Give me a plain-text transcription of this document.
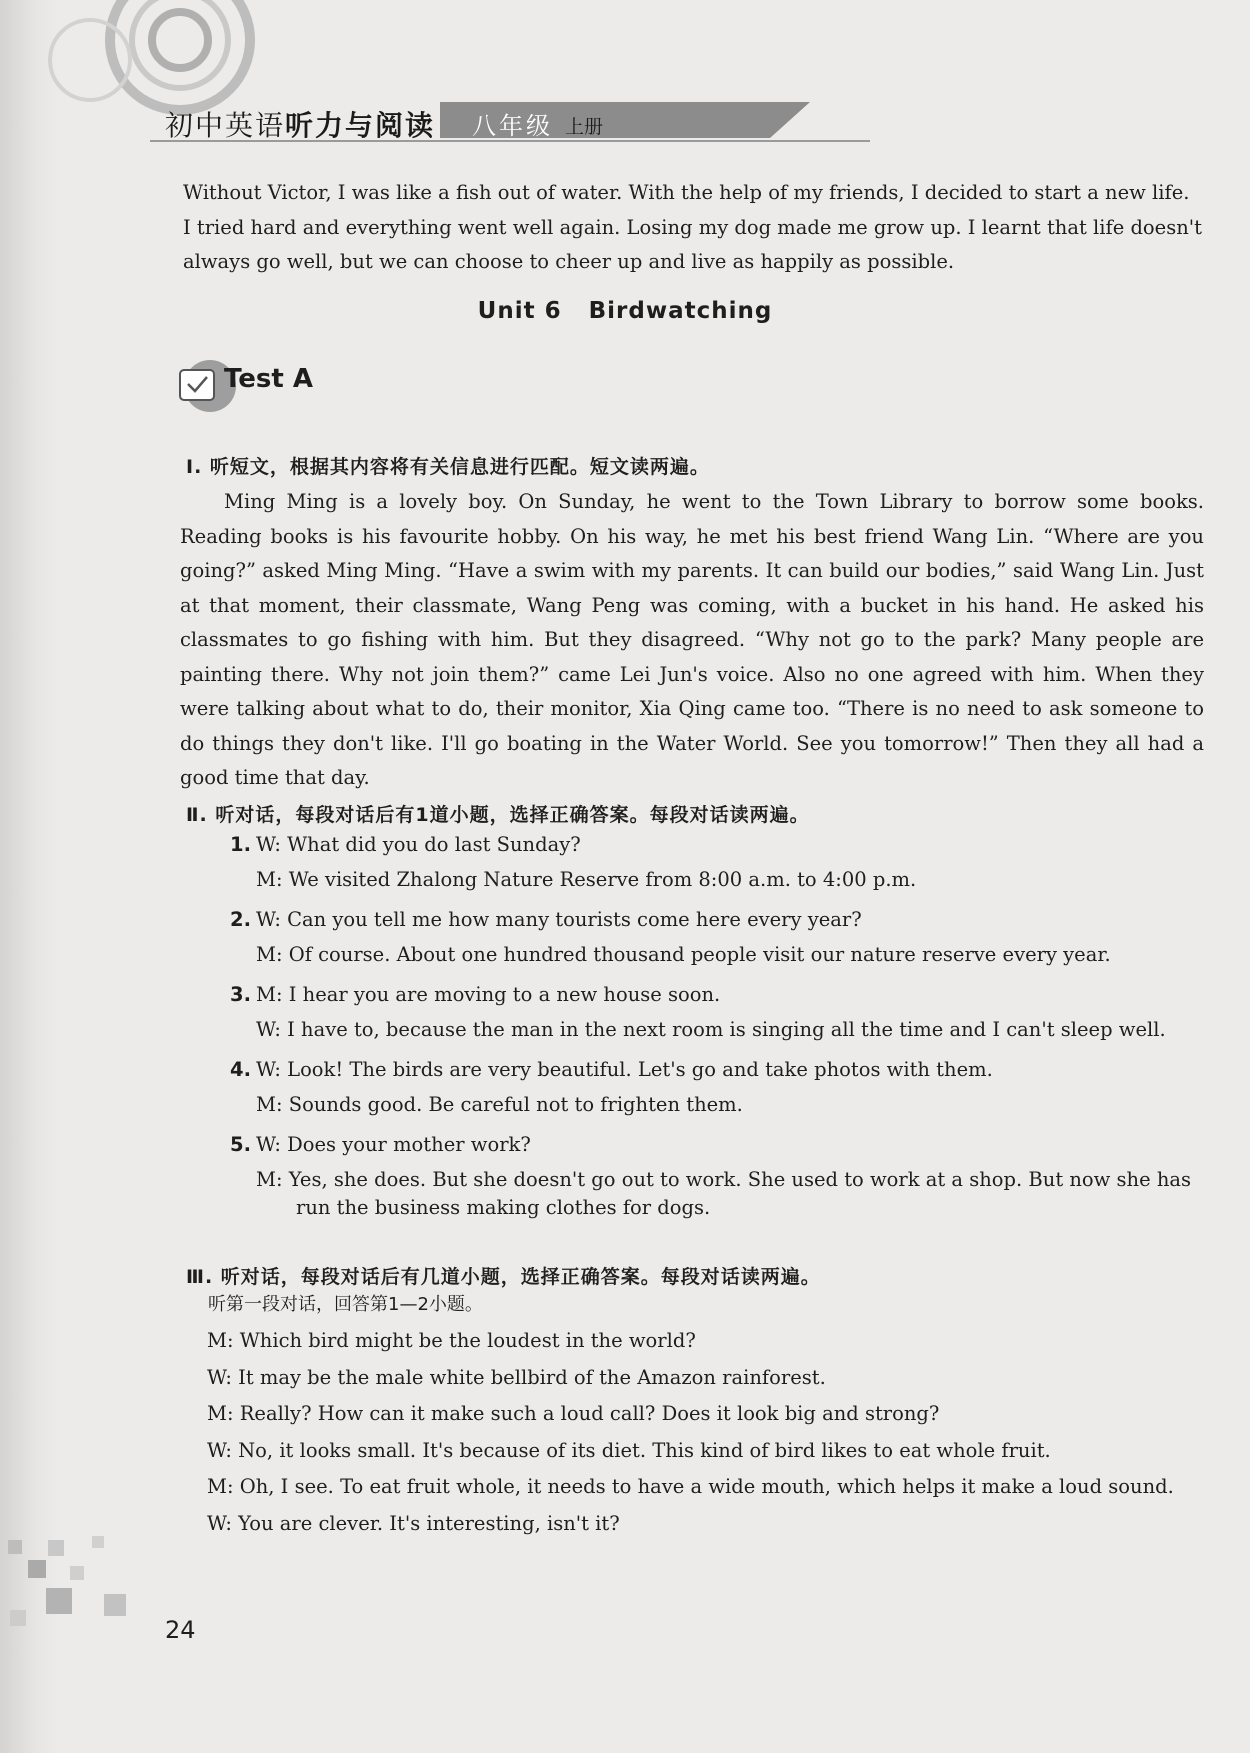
初中英语听力与阅读 八年级 上册

Without Victor, I was like a fish out of water. With the help of my friends, I decided to start a new life.

I tried hard and everything went well again. Losing my dog made me grow up. I learnt that life doesn't

always go well, but we can choose to cheer up and live as happily as possible.

Unit 6   Birdwatching
Test A
Ⅰ. 听短文，根据其内容将有关信息进行匹配。短文读两遍。
Ming Ming is a lovely boy. On Sunday, he went to the Town Library to borrow some books. Reading books is his favourite hobby. On his way, he met his best friend Wang Lin. “Where are you going?” asked Ming Ming. “Have a swim with my parents. It can build our bodies,” said Wang Lin. Just at that moment, their classmate, Wang Peng was coming, with a bucket in his hand. He asked his classmates to go fishing with him. But they disagreed. “Why not go to the park? Many people are painting there. Why not join them?” came Lei Jun's voice. Also no one agreed with him. When they were talking about what to do, their monitor, Xia Qing came too. “There is no need to ask someone to do things they don't like. I'll go boating in the Water World. See you tomorrow!” Then they all had a good time that day.
Ⅱ. 听对话，每段对话后有1道小题，选择正确答案。每段对话读两遍。
1. W: What did you do last Sunday?
M: We visited Zhalong Nature Reserve from 8:00 a.m. to 4:00 p.m.
2. W: Can you tell me how many tourists come here every year?
M: Of course. About one hundred thousand people visit our nature reserve every year.
3. M: I hear you are moving to a new house soon.
W: I have to, because the man in the next room is singing all the time and I can't sleep well.
4. W: Look! The birds are very beautiful. Let's go and take photos with them.
M: Sounds good. Be careful not to frighten them.
5. W: Does your mother work?
M: Yes, she does. But she doesn't go out to work. She used to work at a shop. But now she has
run the business making clothes for dogs.
Ⅲ. 听对话，每段对话后有几道小题，选择正确答案。每段对话读两遍。
听第一段对话，回答第1—2小题。
M: Which bird might be the loudest in the world?
W: It may be the male white bellbird of the Amazon rainforest.
M: Really? How can it make such a loud call? Does it look big and strong?
W: No, it looks small. It's because of its diet. This kind of bird likes to eat whole fruit.
M: Oh, I see. To eat fruit whole, it needs to have a wide mouth, which helps it make a loud sound.
W: You are clever. It's interesting, isn't it?
24
